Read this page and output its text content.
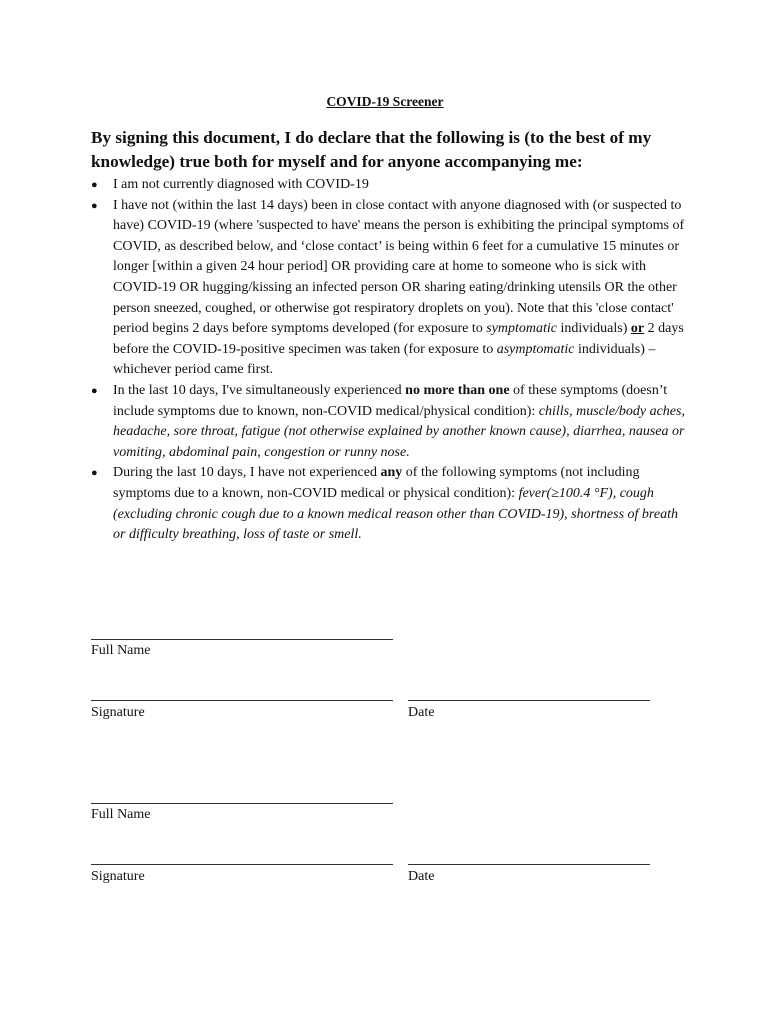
COVID-19 Screener

By signing this document, I do declare that the following is (to the best of my knowledge) true both for myself and for anyone accompanying me:

● I am not currently diagnosed with COVID-19
● I have not (within the last 14 days) been in close contact with anyone diagnosed with (or suspected to have) COVID-19 (where 'suspected to have' means the person is exhibiting the principal symptoms of COVID, as described below, and ‘close contact’ is being within 6 feet for a cumulative 15 minutes or longer [within a given 24 hour period] OR providing care at home to someone who is sick with COVID-19 OR hugging/kissing an infected person OR sharing eating/drinking utensils OR the other person sneezed, coughed, or otherwise got respiratory droplets on you). Note that this 'close contact' period begins 2 days before symptoms developed (for exposure to symptomatic individuals) or 2 days before the COVID-19-positive specimen was taken (for exposure to asymptomatic individuals) – whichever period came first.
● In the last 10 days, I've simultaneously experienced no more than one of these symptoms (doesn’t include symptoms due to known, non-COVID medical/physical condition): chills, muscle/body aches, headache, sore throat, fatigue (not otherwise explained by another known cause), diarrhea, nausea or vomiting, abdominal pain, congestion or runny nose.
● During the last 10 days, I have not experienced any of the following symptoms (not including symptoms due to a known, non-COVID medical or physical condition): fever(≥100.4 °F), cough (excluding chronic cough due to a known medical reason other than COVID-19), shortness of breath or difficulty breathing, loss of taste or smell.
Full Name
Signature	Date
Full Name
Signature	Date
